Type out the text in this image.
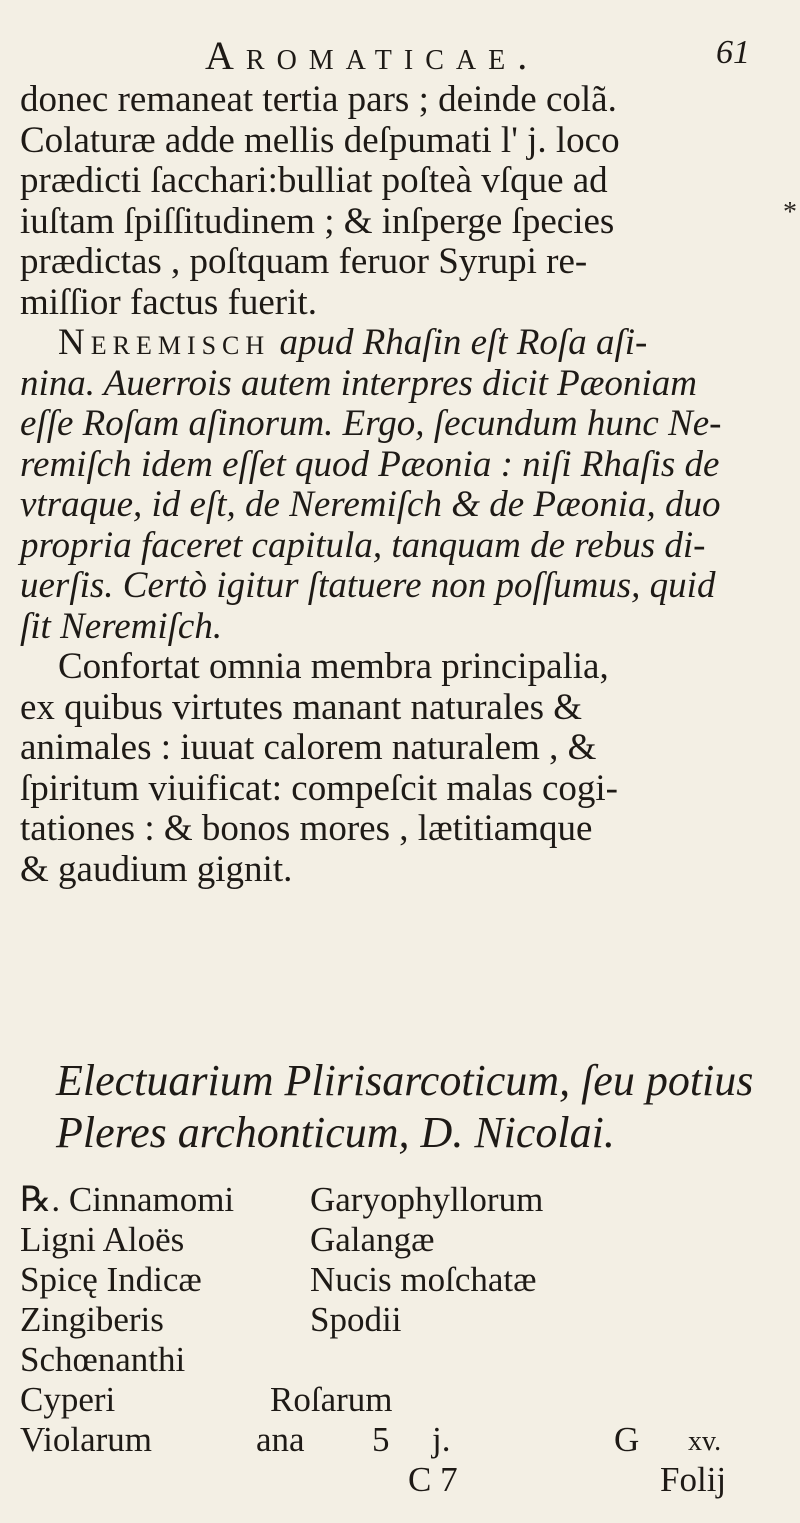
Aromaticae.	61
*
donec remaneat tertia pars ; deinde colã.
Colaturæ adde mellis deſpumati l' j. loco
prædicti ſacchari:bulliat poſteà vſque ad
iuſtam ſpiſſitudinem ; & inſperge ſpecies
prædictas , poſtquam feruor Syrupi re-
miſſior factus fuerit.
Neremisch apud Rhaſin eſt Roſa aſi-
nina. Auerrois autem interpres dicit Pæoniam
eſſe Roſam aſinorum. Ergo, ſecundum hunc Ne-
remiſch idem eſſet quod Pæonia : niſi Rhaſis de
vtraque, id eſt, de Neremiſch & de Pæonia, duo
propria faceret capitula, tanquam de rebus di-
uerſis. Certò igitur ſtatuere non poſſumus, quid
ſit Neremiſch.
Confortat omnia membra principalia,
ex quibus virtutes manant naturales &
animales : iuuat calorem naturalem , &
ſpiritum viuificat: compeſcit malas cogi-
tationes : & bonos mores , lætitiamque
& gaudium gignit.
Electuarium Plirisarcoticum, ſeu potius
Pleres archonticum, D. Nicolai.
℞. Cinnamomi Garyophyllorum
Ligni Aloës	Galangæ
Spicę Indicæ	Nucis moſchatæ
Zingiberis	Spodii
Schœnanthi
Cyperi	Roſarum
Violarum	ana 5 j.	G xv.
C 7	Folij
